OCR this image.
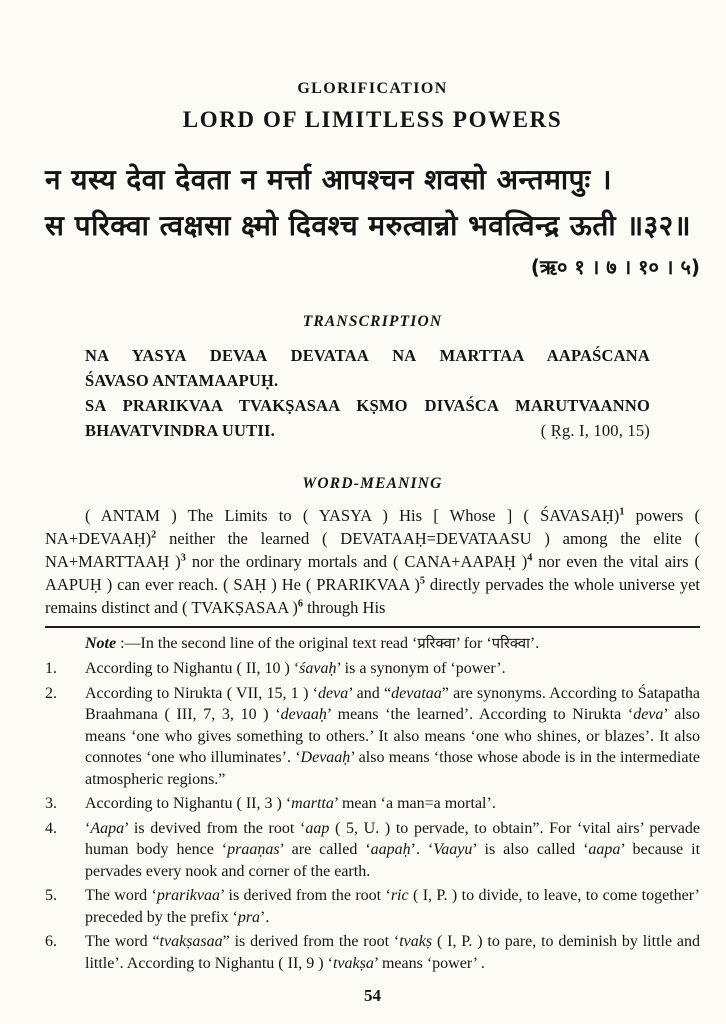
GLORIFICATION
LORD OF LIMITLESS POWERS
न यस्य देवा देवता न मर्त्ता आपश्चन शवसो अन्तमापुः ।
स परिक्वा त्वक्षसा क्ष्मो दिवश्च मरुत्वान्नो भवत्विन्द्र ऊती ॥३२॥
(ऋ० १ । ७ । १० । ५)
TRANSCRIPTION
NA YASYA DEVAA DEVATAA NA MARTTAA AAPAŚCANA
ŚAVASO ANTAMAAPUḤ.
SA PRARIKVAA TVAKṢASAA KṢMO DIVAŚCA MARUTVAANNO
BHAVATVINDRA UUTII.	( Ṛg. I, 100, 15)
WORD-MEANING
( ANTAM ) The Limits to ( YASYA ) His [ Whose ] ( ŚAVASAḤ)$^1$ powers ( NA+DEVAAḤ)$^2$ neither the learned ( DEVATAAḤ=DEVATAASU ) among the elite ( NA+MARTTAAḤ )$^3$ nor the ordinary mortals and ( CANA+AAPAḤ )$^4$ nor even the vital airs ( AAPUḤ ) can ever reach. ( SAḤ ) He ( PRARIKVAA )$^5$ directly pervades the whole universe yet remains distinct and ( TVAKṢASAA )$^6$ through His
Note :—In the second line of the original text read ‘प्ररिक्वा’ for ‘परिक्वा’.
1.	According to Nighantu ( II, 10 ) ‘śavaḥ’ is a synonym of ‘power’.
2.	According to Nirukta ( VII, 15, 1 ) ‘deva’ and “devataa” are synonyms. According to Śatapatha Braahmana ( III, 7, 3, 10 ) ‘devaaḥ’ means ‘the learned’. According to Nirukta ‘deva’ also means ‘one who gives something to others.’ It also means ‘one who shines, or blazes’. It also connotes ‘one who illuminates’. ‘Devaaḥ’ also means ‘those whose abode is in the intermediate atmospheric regions.”
3.	According to Nighantu ( II, 3 ) ‘martta’ mean ‘a man=a mortal’.
4.	‘Aapa’ is devived from the root ‘aap ( 5, U. ) to pervade, to obtain”. For ‘vital airs’ pervade human body hence ‘praaṇas’ are called ‘aapaḥ’. ‘Vaayu’ is also called ‘aapa’ because it pervades every nook and corner of the earth.
5.	The word ‘prarikvaa’ is derived from the root ‘ric ( I, P. ) to divide, to leave, to come together’ preceded by the prefix ‘pra’.
6.	The word “tvakṣasaa” is derived from the root ‘tvakṣ ( I, P. ) to pare, to deminish by little and little’. According to Nighantu ( II, 9 ) ‘tvakṣa’ means ‘power’ .
54
